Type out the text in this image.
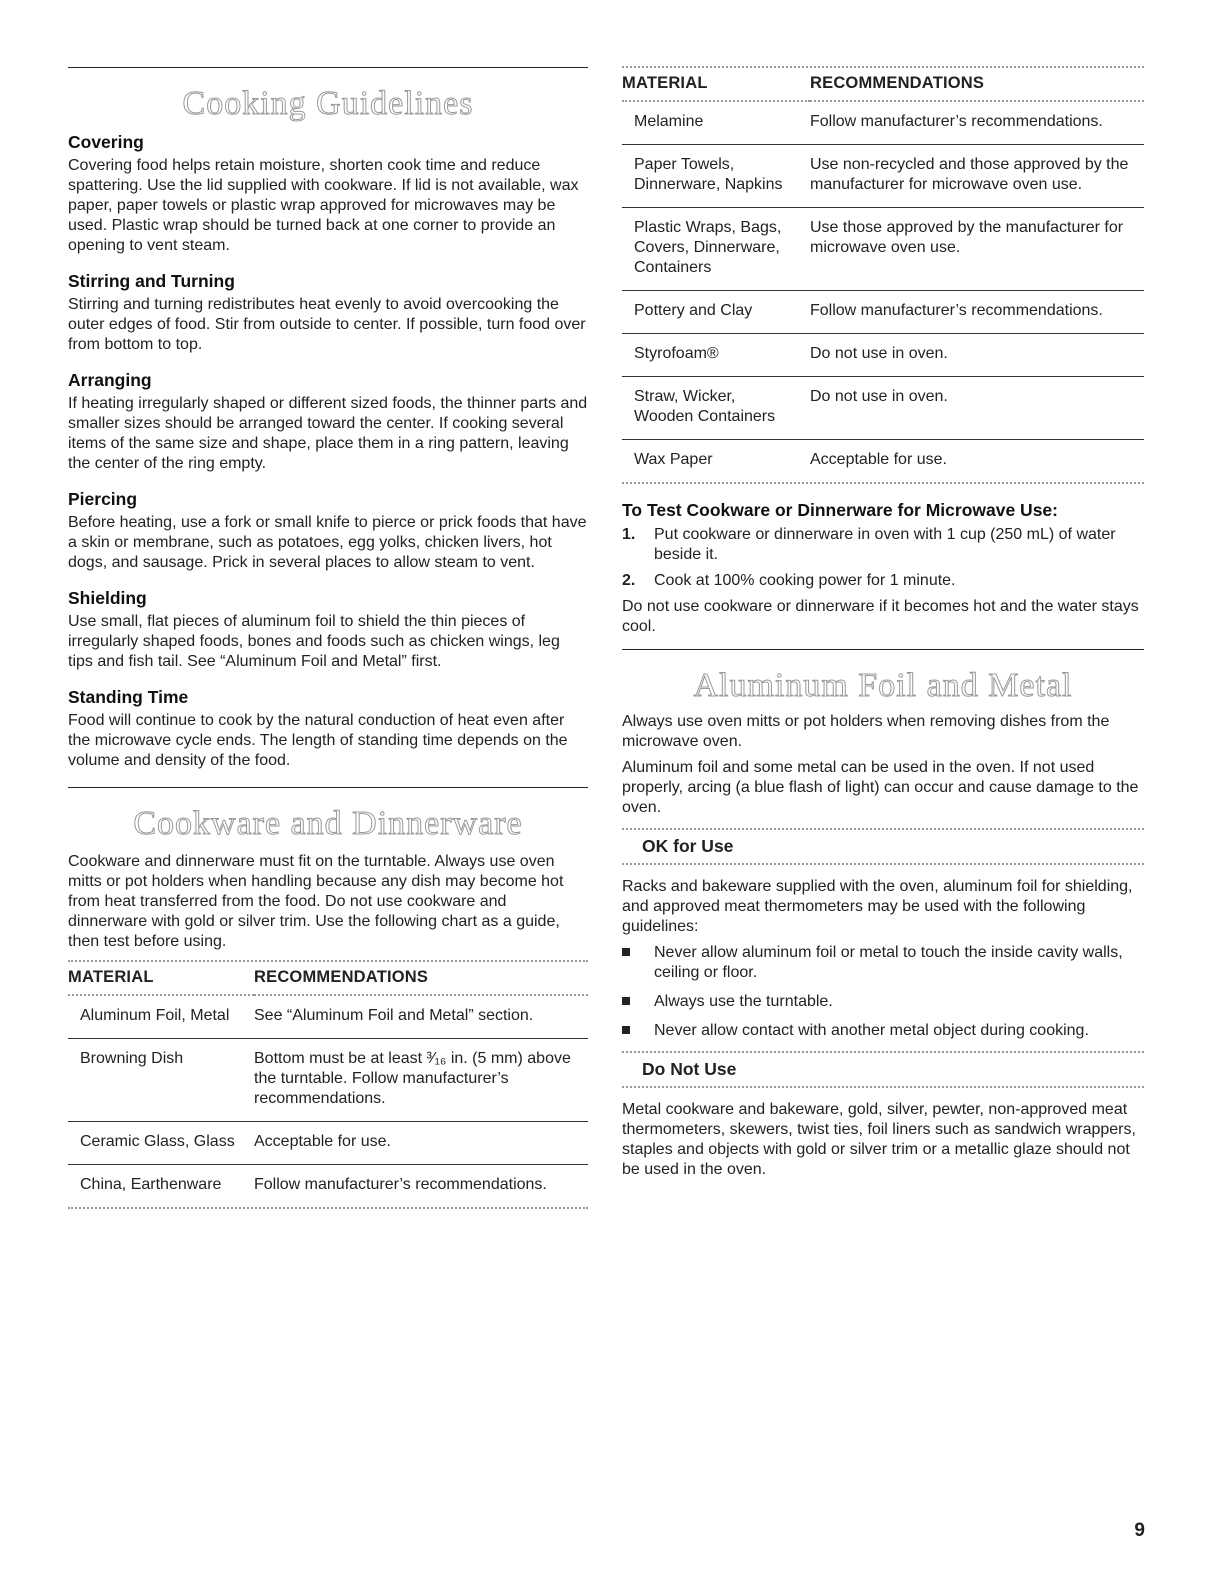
Cooking Guidelines
Covering

Covering food helps retain moisture, shorten cook time and reduce spattering. Use the lid supplied with cookware. If lid is not available, wax paper, paper towels or plastic wrap approved for microwaves may be used. Plastic wrap should be turned back at one corner to provide an opening to vent steam.

Stirring and Turning

Stirring and turning redistributes heat evenly to avoid overcooking the outer edges of food. Stir from outside to center. If possible, turn food over from bottom to top.

Arranging

If heating irregularly shaped or different sized foods, the thinner parts and smaller sizes should be arranged toward the center. If cooking several items of the same size and shape, place them in a ring pattern, leaving the center of the ring empty.

Piercing

Before heating, use a fork or small knife to pierce or prick foods that have a skin or membrane, such as potatoes, egg yolks, chicken livers, hot dogs, and sausage. Prick in several places to allow steam to vent.

Shielding

Use small, flat pieces of aluminum foil to shield the thin pieces of irregularly shaped foods, bones and foods such as chicken wings, leg tips and fish tail. See “Aluminum Foil and Metal” first.

Standing Time

Food will continue to cook by the natural conduction of heat even after the microwave cycle ends. The length of standing time depends on the volume and density of the food.

Cookware and Dinnerware

Cookware and dinnerware must fit on the turntable. Always use oven mitts or pot holders when handling because any dish may become hot from heat transferred from the food. Do not use cookware and dinnerware with gold or silver trim. Use the following chart as a guide, then test before using.

MATERIAL	RECOMMENDATIONS
Aluminum Foil, Metal	See “Aluminum Foil and Metal” section.
Browning Dish	Bottom must be at least ³⁄₁₆ in. (5 mm) above the turntable. Follow manufacturer’s recommendations.
Ceramic Glass, Glass	Acceptable for use.
China, Earthenware	Follow manufacturer’s recommendations.
MATERIAL	RECOMMENDATIONS
Melamine	Follow manufacturer’s recommendations.
Paper Towels, Dinnerware, Napkins	Use non-recycled and those approved by the manufacturer for microwave oven use.
Plastic Wraps, Bags, Covers, Dinnerware, Containers	Use those approved by the manufacturer for microwave oven use.
Pottery and Clay	Follow manufacturer’s recommendations.
Styrofoam®	Do not use in oven.
Straw, Wicker, Wooden Containers	Do not use in oven.
Wax Paper	Acceptable for use.
To Test Cookware or Dinnerware for Microwave Use:
1. Put cookware or dinnerware in oven with 1 cup (250 mL) of water beside it.
2. Cook at 100% cooking power for 1 minute.

Do not use cookware or dinnerware if it becomes hot and the water stays cool.

Aluminum Foil and Metal

Always use oven mitts or pot holders when removing dishes from the microwave oven.

Aluminum foil and some metal can be used in the oven. If not used properly, arcing (a blue flash of light) can occur and cause damage to the oven.

OK for Use

Racks and bakeware supplied with the oven, aluminum foil for shielding, and approved meat thermometers may be used with the following guidelines:

Never allow aluminum foil or metal to touch the inside cavity walls, ceiling or floor.
Always use the turntable.
Never allow contact with another metal object during cooking.
Do Not Use

Metal cookware and bakeware, gold, silver, pewter, non-approved meat thermometers, skewers, twist ties, foil liners such as sandwich wrappers, staples and objects with gold or silver trim or a metallic glaze should not be used in the oven.

9
